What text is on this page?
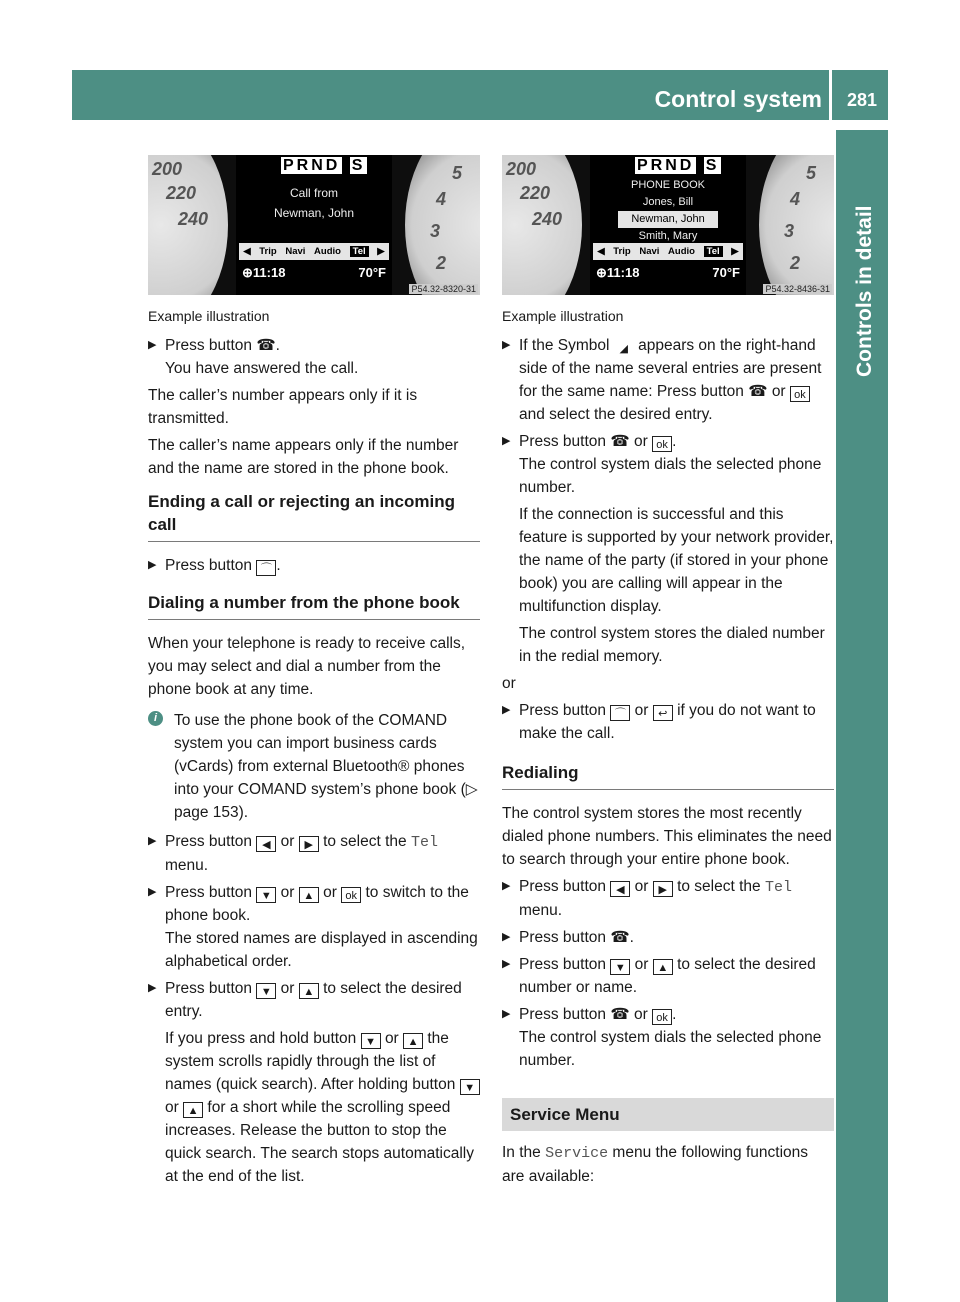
Control system	281
Controls in detail
200
220
240
5
4
3
2
PRND S
Call from
Newman, John
◀ Trip Navi Audio	Tel	▶
⊕11:18	70°F
P54.32-8320-31
200
220
240
5
4
3
2
PRND S
PHONE BOOK
Jones, Bill
Newman, John
Smith, Mary
◀ Trip Navi Audio	Tel	▶
⊕11:18	70°F
P54.32-8436-31
Example illustration
▶ Press button ☎.
You have answered the call.
The caller’s number appears only if it is transmitted.
The caller’s name appears only if the number and the name are stored in the phone book.
Ending a call or rejecting an incoming call
▶ Press button ⌒ .
Dialing a number from the phone book
When your telephone is ready to receive calls, you may select and dial a number from the phone book at any time.
i	To use the phone book of the COMAND system you can import business cards (vCards) from external Bluetooth® phones into your COMAND system’s phone book (▷ page 153).
▶ Press button ◀ or ▶ to select the Tel menu.
▶ Press button ▼ or ▲ or ok to switch to the phone book.
The stored names are displayed in ascending alphabetical order.
▶ Press button ▼ or ▲ to select the desired entry.
If you press and hold button ▼ or ▲ the system scrolls rapidly through the list of names (quick search). After holding button ▼ or ▲ for a short while the scrolling speed increases. Release the button to stop the quick search. The search stops automatically at the end of the list.
Example illustration
▶ If the Symbol ◢ appears on the right-hand side of the name several entries are present for the same name: Press button ☎ or ok and select the desired entry.
▶ Press button ☎ or ok .
The control system dials the selected phone number.
If the connection is successful and this feature is supported by your network provider, the name of the party (if stored in your phone book) you are calling will appear in the multifunction display.
The control system stores the dialed number in the redial memory.
or
▶ Press button ⌒ or ↩ if you do not want to make the call.
Redialing
The control system stores the most recently dialed phone numbers. This eliminates the need to search through your entire phone book.
▶ Press button ◀ or ▶ to select the Tel menu.
▶ Press button ☎.
▶ Press button ▼ or ▲ to select the desired number or name.
▶ Press button ☎ or ok .
The control system dials the selected phone number.
Service Menu
In the Service menu the following functions are available:
